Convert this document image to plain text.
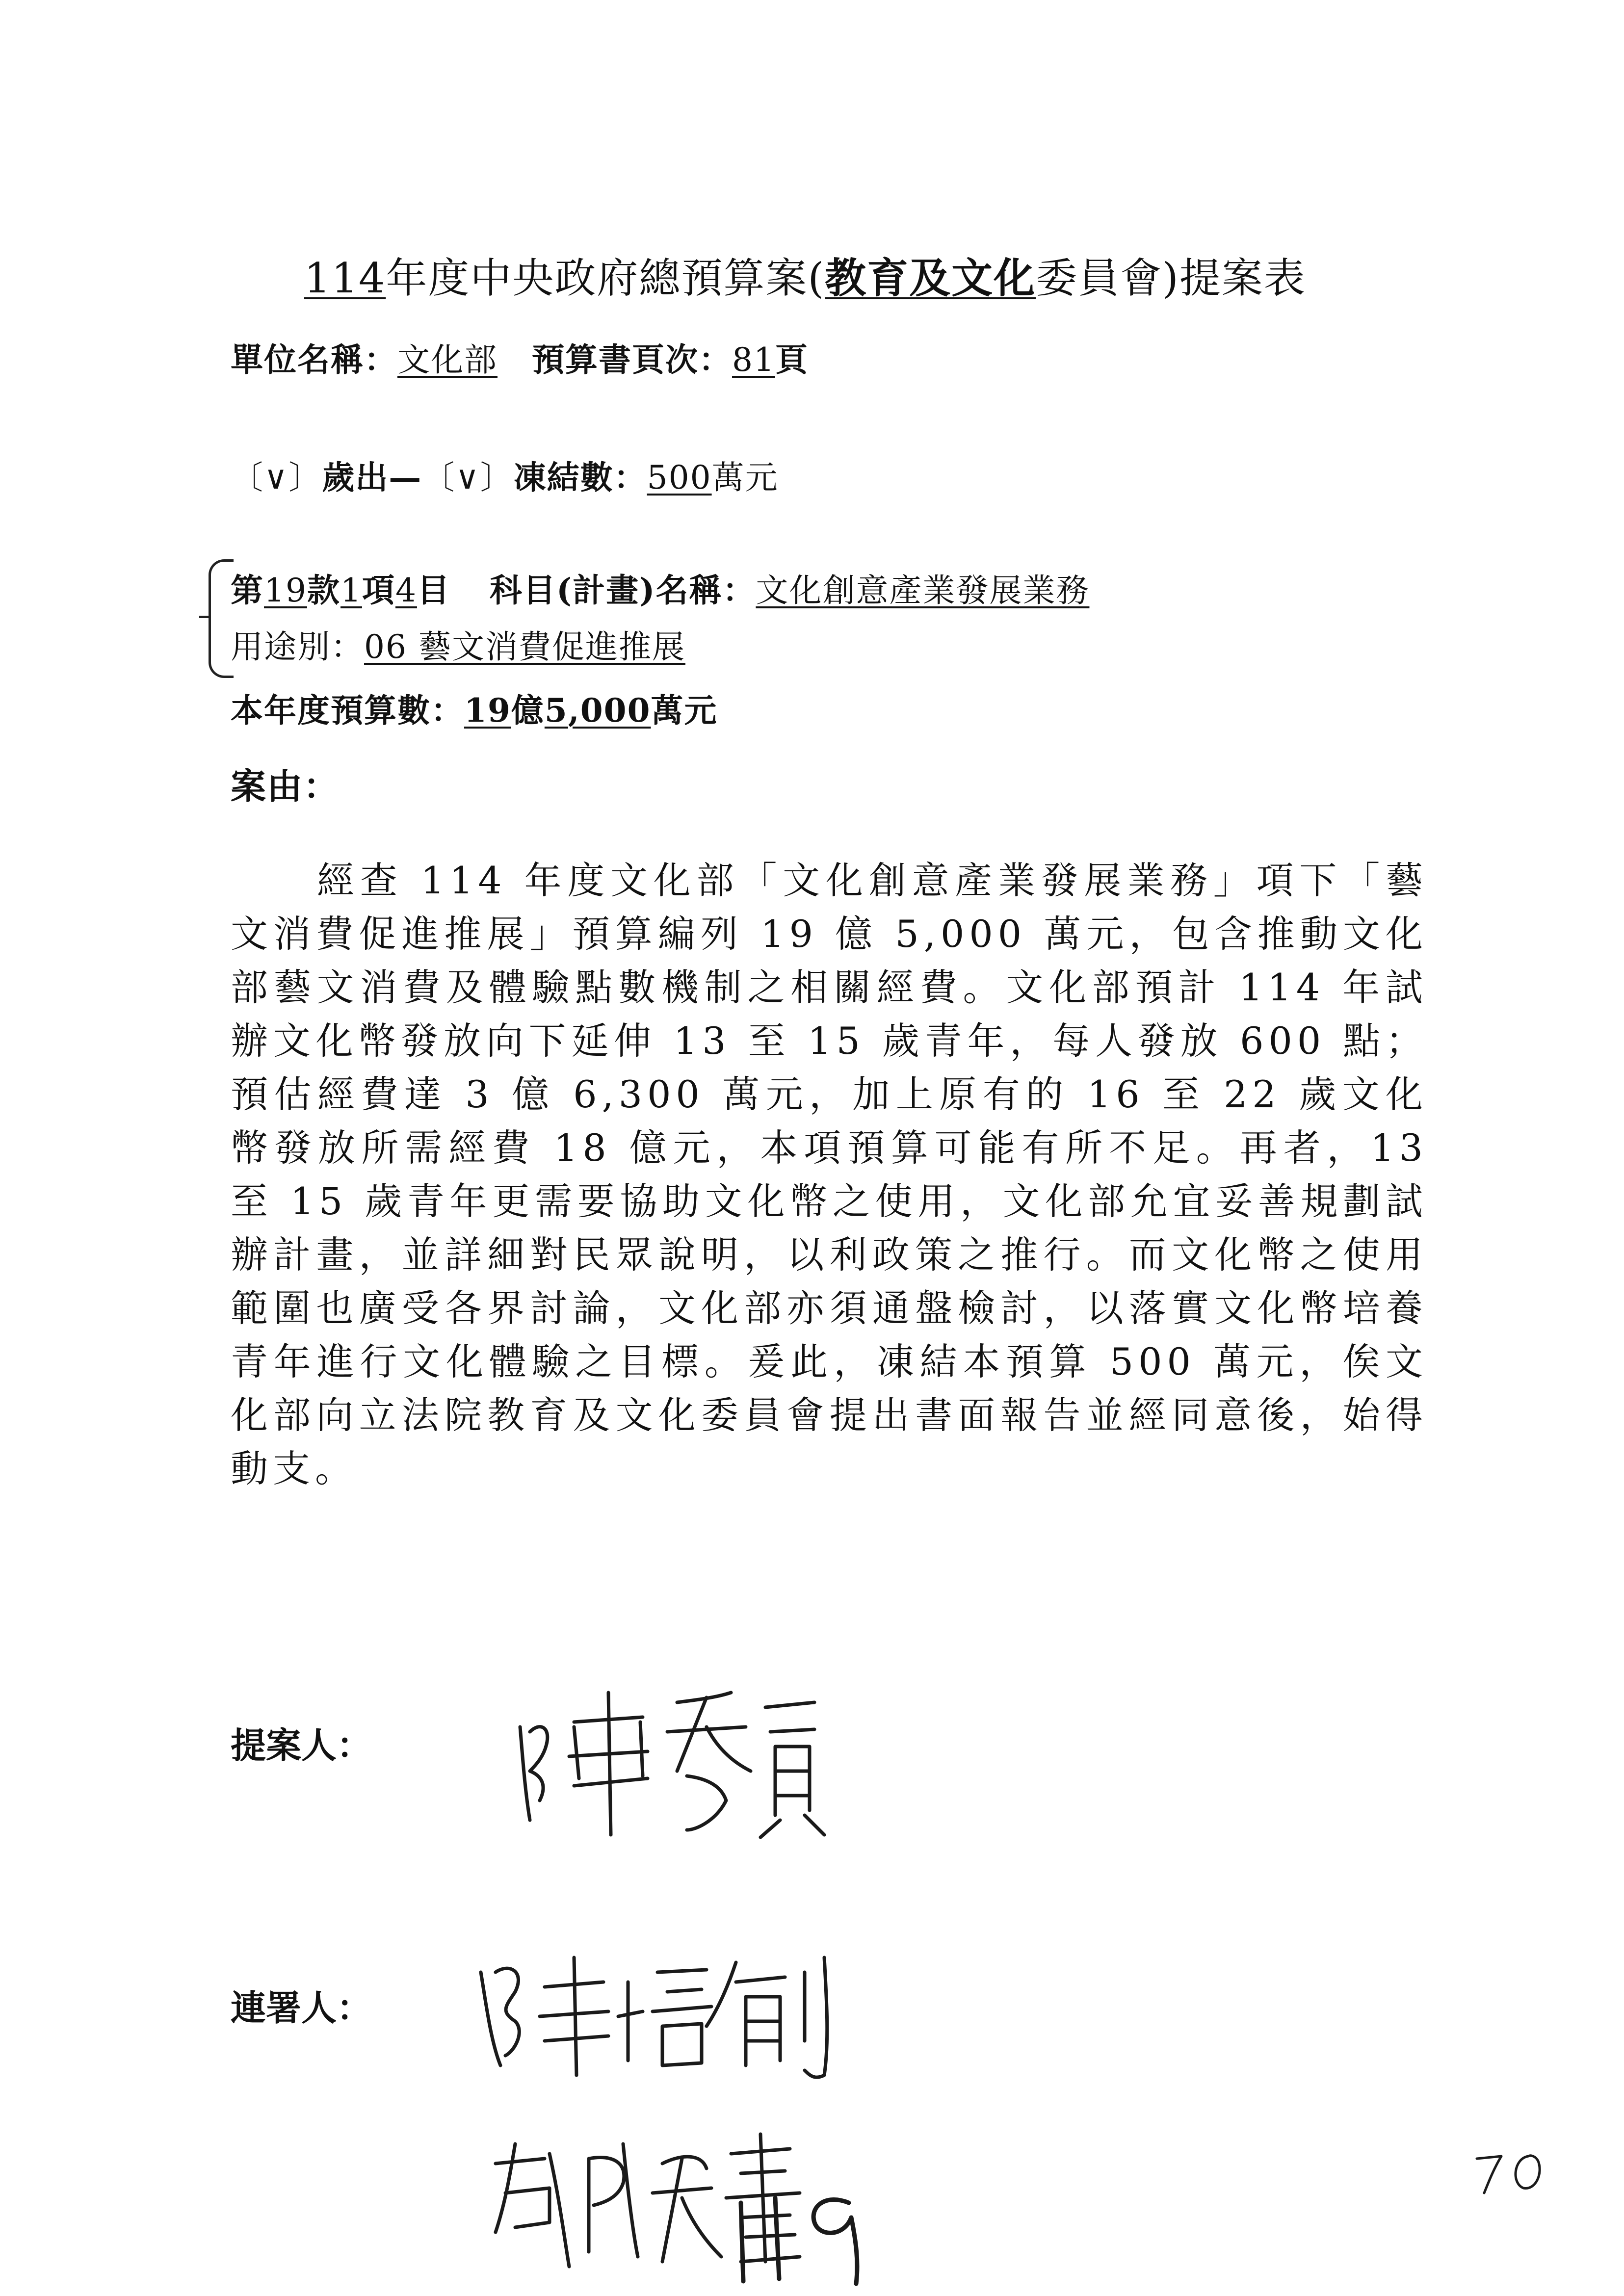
114年度中央政府總預算案(教育及文化委員會)提案表
單位名稱：文化部 預算書頁次：81頁
〔∨〕歲出—〔∨〕凍結數：500萬元
第19款1項4目 科目(計畫)名稱：文化創意產業發展業務
用途別：06 藝文消費促進推展
本年度預算數：19億5,000萬元
案由：
經查 114 年度文化部「文化創意產業發展業務」項下「藝文消費促進推展」預算編列 19 億 5,000 萬元，包含推動文化部藝文消費及體驗點數機制之相關經費。文化部預計 114 年試辦文化幣發放向下延伸 13 至 15 歲青年，每人發放 600 點；預估經費達 3 億 6,300 萬元，加上原有的 16 至 22 歲文化幣發放所需經費 18 億元，本項預算可能有所不足。再者，13 至 15 歲青年更需要協助文化幣之使用，文化部允宜妥善規劃試辦計畫，並詳細對民眾說明，以利政策之推行。而文化幣之使用範圍也廣受各界討論，文化部亦須通盤檢討，以落實文化幣培養青年進行文化體驗之目標。爰此，凍結本預算 500 萬元，俟文化部向立法院教育及文化委員會提出書面報告並經同意後，始得動支。
提案人：
連署人：
